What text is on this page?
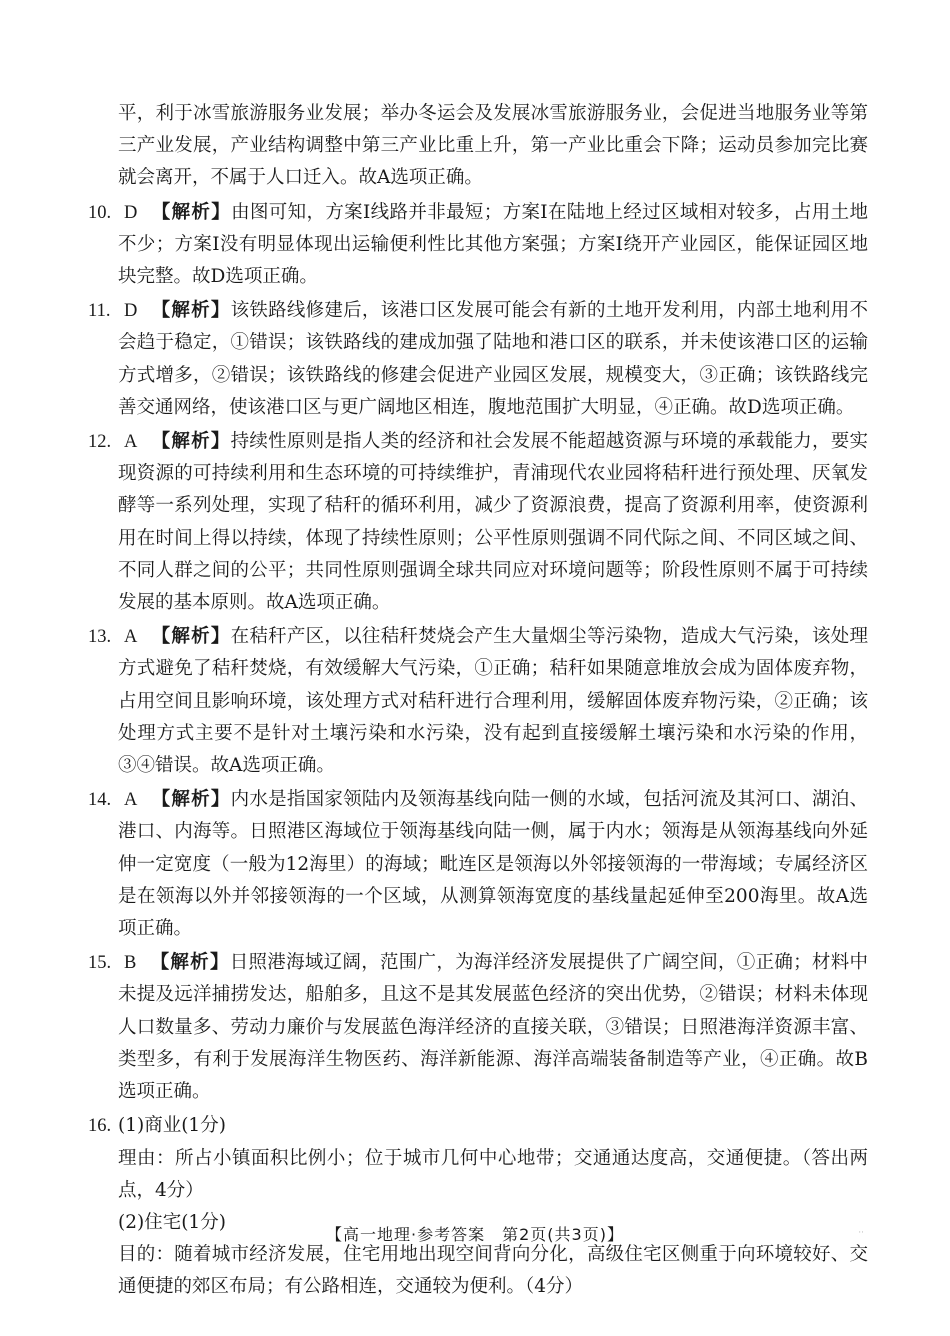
平，利于冰雪旅游服务业发展；举办冬运会及发展冰雪旅游服务业，会促进当地服务业等第三产业发展，产业结构调整中第三产业比重上升，第一产业比重会下降；运动员参加完比赛就会离开，不属于人口迁入。故A选项正确。
10. D 【解析】由图可知，方案Ⅰ线路并非最短；方案Ⅰ在陆地上经过区域相对较多，占用土地不少；方案Ⅰ没有明显体现出运输便利性比其他方案强；方案Ⅰ绕开产业园区，能保证园区地块完整。故D选项正确。
11. D 【解析】该铁路线修建后，该港口区发展可能会有新的土地开发利用，内部土地利用不会趋于稳定，①错误；该铁路线的建成加强了陆地和港口区的联系，并未使该港口区的运输方式增多，②错误；该铁路线的修建会促进产业园区发展，规模变大，③正确；该铁路线完善交通网络，使该港口区与更广阔地区相连，腹地范围扩大明显，④正确。故D选项正确。
12. A 【解析】持续性原则是指人类的经济和社会发展不能超越资源与环境的承载能力，要实现资源的可持续利用和生态环境的可持续维护，青浦现代农业园将秸秆进行预处理、厌氧发酵等一系列处理，实现了秸秆的循环利用，减少了资源浪费，提高了资源利用率，使资源利用在时间上得以持续，体现了持续性原则；公平性原则强调不同代际之间、不同区域之间、不同人群之间的公平；共同性原则强调全球共同应对环境问题等；阶段性原则不属于可持续发展的基本原则。故A选项正确。
13. A 【解析】在秸秆产区，以往秸秆焚烧会产生大量烟尘等污染物，造成大气污染，该处理方式避免了秸秆焚烧，有效缓解大气污染，①正确；秸秆如果随意堆放会成为固体废弃物，占用空间且影响环境，该处理方式对秸秆进行合理利用，缓解固体废弃物污染，②正确；该处理方式主要不是针对土壤污染和水污染，没有起到直接缓解土壤污染和水污染的作用，③④错误。故A选项正确。
14. A 【解析】内水是指国家领陆内及领海基线向陆一侧的水域，包括河流及其河口、湖泊、港口、内海等。日照港区海域位于领海基线向陆一侧，属于内水；领海是从领海基线向外延伸一定宽度（一般为12海里）的海域；毗连区是领海以外邻接领海的一带海域；专属经济区是在领海以外并邻接领海的一个区域，从测算领海宽度的基线量起延伸至200海里。故A选项正确。
15. B 【解析】日照港海域辽阔，范围广，为海洋经济发展提供了广阔空间，①正确；材料中未提及远洋捕捞发达，船舶多，且这不是其发展蓝色经济的突出优势，②错误；材料未体现人口数量多、劳动力廉价与发展蓝色海洋经济的直接关联，③错误；日照港海洋资源丰富、类型多，有利于发展海洋生物医药、海洋新能源、海洋高端装备制造等产业，④正确。故B选项正确。
16. (1)商业(1分)
理由：所占小镇面积比例小；位于城市几何中心地带；交通通达度高，交通便捷。（答出两点，4分）
(2)住宅(1分)
目的：随着城市经济发展，住宅用地出现空间背向分化，高级住宅区侧重于向环境较好、交通便捷的郊区布局；有公路相连，交通较为便利。（4分）
【高一地理·参考答案　第2页(共3页)】	··
